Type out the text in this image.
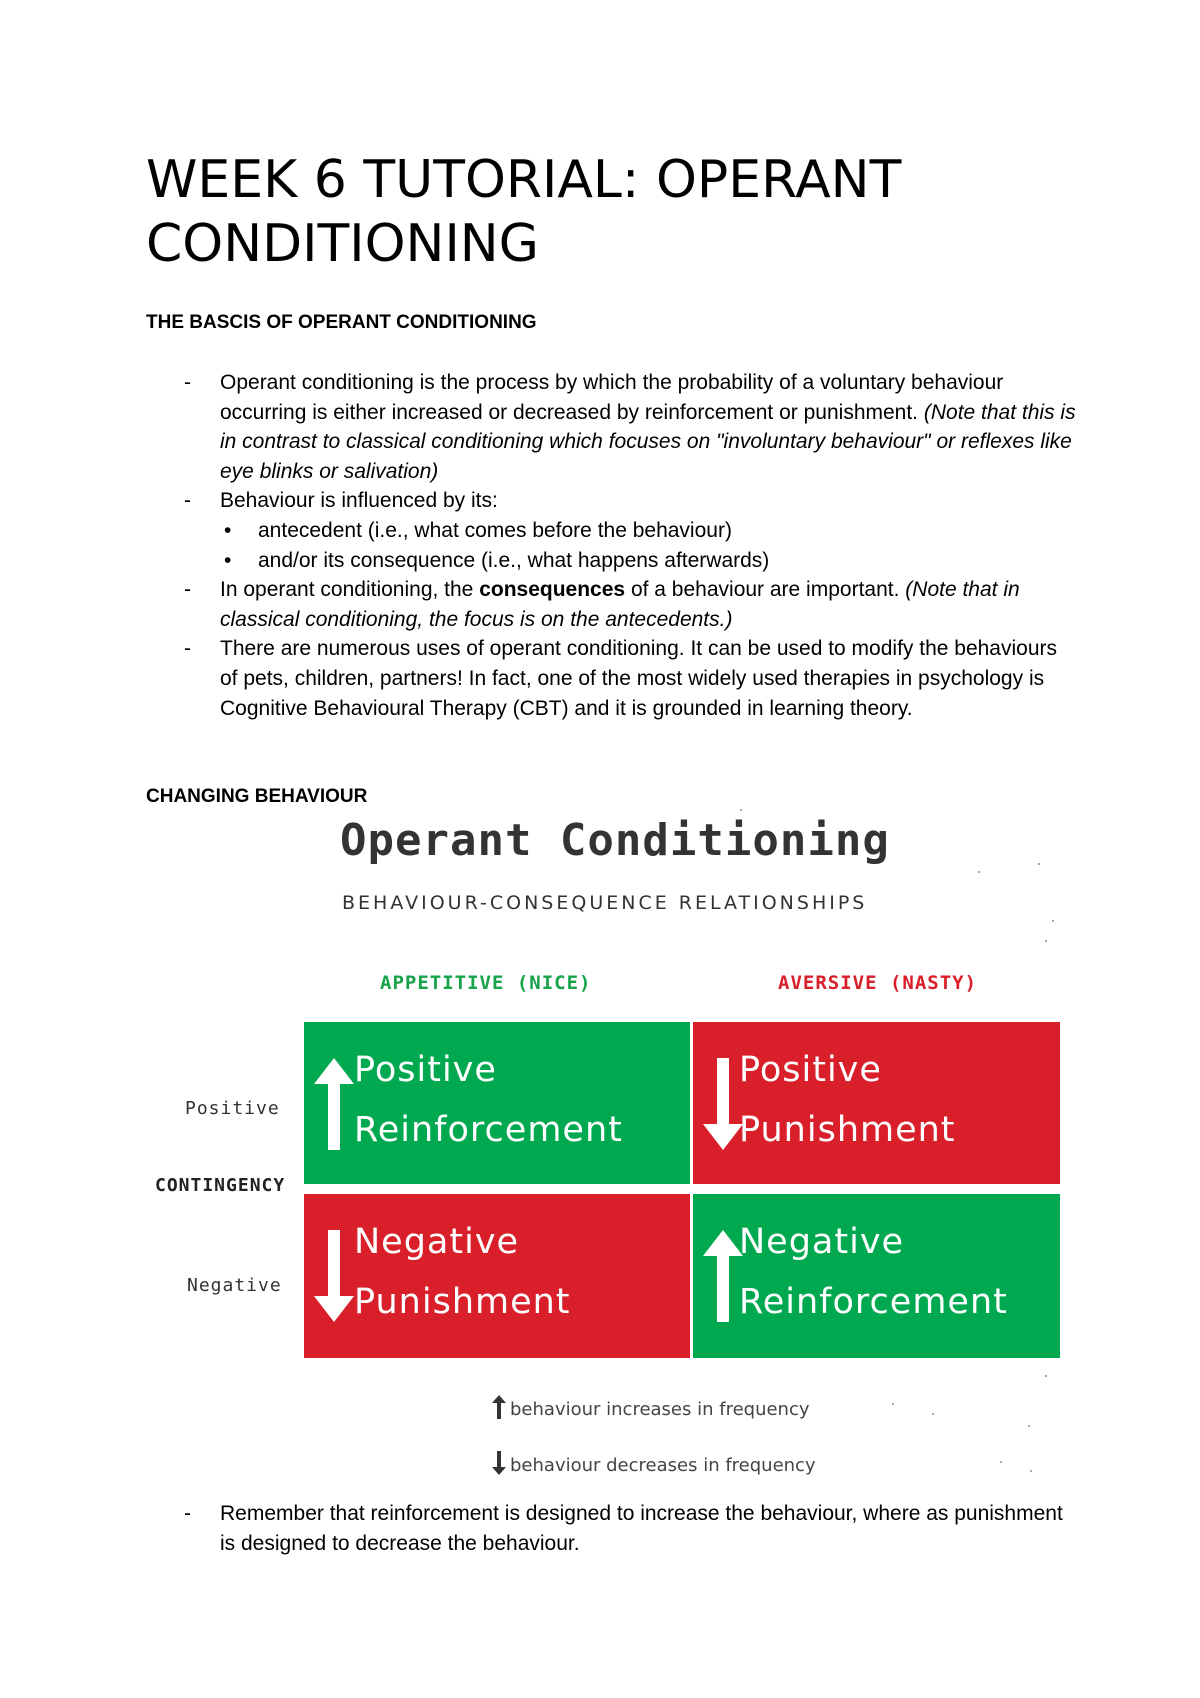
WEEK 6 TUTORIAL: OPERANT CONDITIONING
THE BASCIS OF OPERANT CONDITIONING
- Operant conditioning is the process by which the probability of a voluntary behaviour occurring is either increased or decreased by reinforcement or punishment. (Note that this is in contrast to classical conditioning which focuses on "involuntary behaviour" or reflexes like eye blinks or salivation)
- Behaviour is influenced by its:
• antecedent (i.e., what comes before the behaviour)
• and/or its consequence (i.e., what happens afterwards)
- In operant conditioning, the consequences of a behaviour are important. (Note that in classical conditioning, the focus is on the antecedents.)
- There are numerous uses of operant conditioning. It can be used to modify the behaviours of pets, children, partners! In fact, one of the most widely used therapies in psychology is Cognitive Behavioural Therapy (CBT) and it is grounded in learning theory.
CHANGING BEHAVIOUR
Operant Conditioning
BEHAVIOUR-CONSEQUENCE RELATIONSHIPS
APPETITIVE (NICE)	AVERSIVE (NASTY)
Positive
CONTINGENCY
Negative
Positive
Reinforcement
Positive
Punishment
Negative
Punishment
Negative
Reinforcement
behaviour increases in frequency
behaviour decreases in frequency
- Remember that reinforcement is designed to increase the behaviour, where as punishment is designed to decrease the behaviour.
